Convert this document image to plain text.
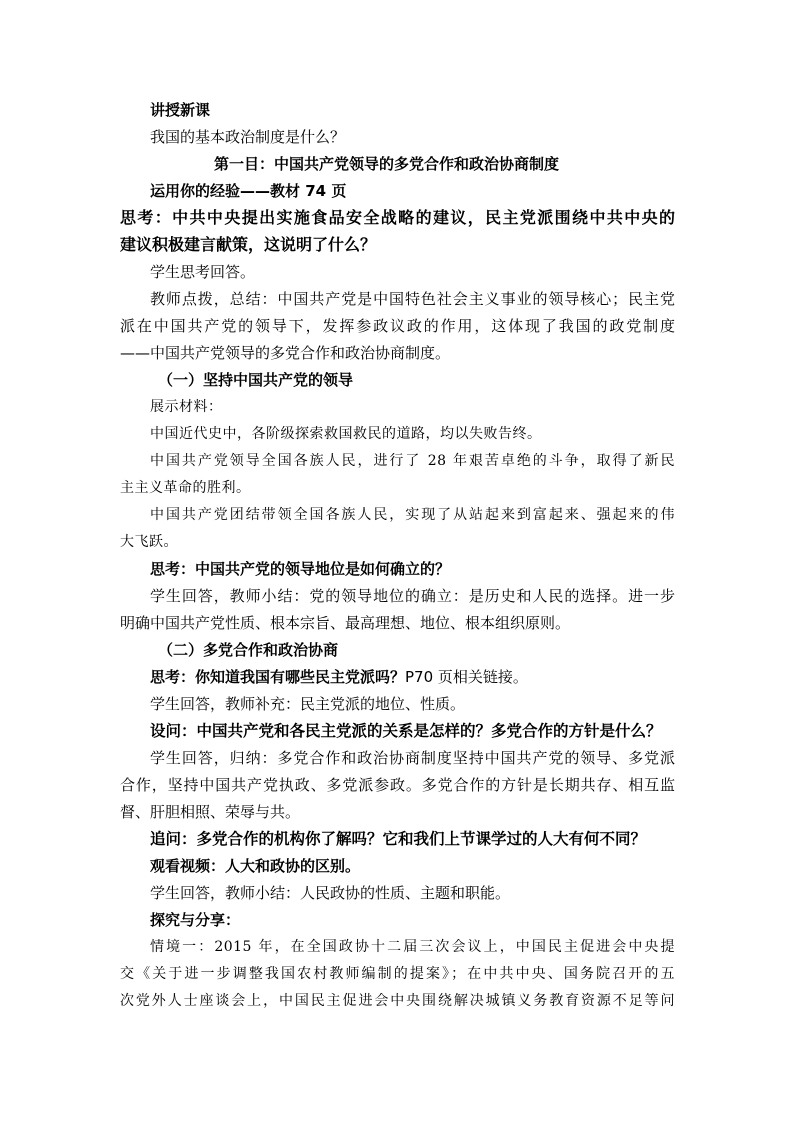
讲授新课
我国的基本政治制度是什么？
第一目：中国共产党领导的多党合作和政治协商制度
运用你的经验——教材 74 页
思考：中共中央提出实施食品安全战略的建议，民主党派围绕中共中央的
建议积极建言献策，这说明了什么？
学生思考回答。
教师点拨，总结：中国共产党是中国特色社会主义事业的领导核心；民主党
派在中国共产党的领导下，发挥参政议政的作用，这体现了我国的政党制度
——中国共产党领导的多党合作和政治协商制度。
（一）坚持中国共产党的领导
展示材料：
中国近代史中，各阶级探索救国救民的道路，均以失败告终。
中国共产党领导全国各族人民，进行了 28 年艰苦卓绝的斗争，取得了新民
主主义革命的胜利。
中国共产党团结带领全国各族人民，实现了从站起来到富起来、强起来的伟
大飞跃。
思考：中国共产党的领导地位是如何确立的？
学生回答，教师小结：党的领导地位的确立：是历史和人民的选择。进一步
明确中国共产党性质、根本宗旨、最高理想、地位、根本组织原则。
（二）多党合作和政治协商
思考：你知道我国有哪些民主党派吗？P70 页相关链接。
学生回答，教师补充：民主党派的地位、性质。
设问：中国共产党和各民主党派的关系是怎样的？多党合作的方针是什么？
学生回答，归纳：多党合作和政治协商制度坚持中国共产党的领导、多党派
合作，坚持中国共产党执政、多党派参政。多党合作的方针是长期共存、相互监
督、肝胆相照、荣辱与共。
追问：多党合作的机构你了解吗？它和我们上节课学过的人大有何不同？
观看视频：人大和政协的区别。
学生回答，教师小结：人民政协的性质、主题和职能。
探究与分享：
情境一：2015 年，在全国政协十二届三次会议上，中国民主促进会中央提
交《关于进一步调整我国农村教师编制的提案》；在中共中央、国务院召开的五
次党外人士座谈会上，中国民主促进会中央围绕解决城镇义务教育资源不足等问
